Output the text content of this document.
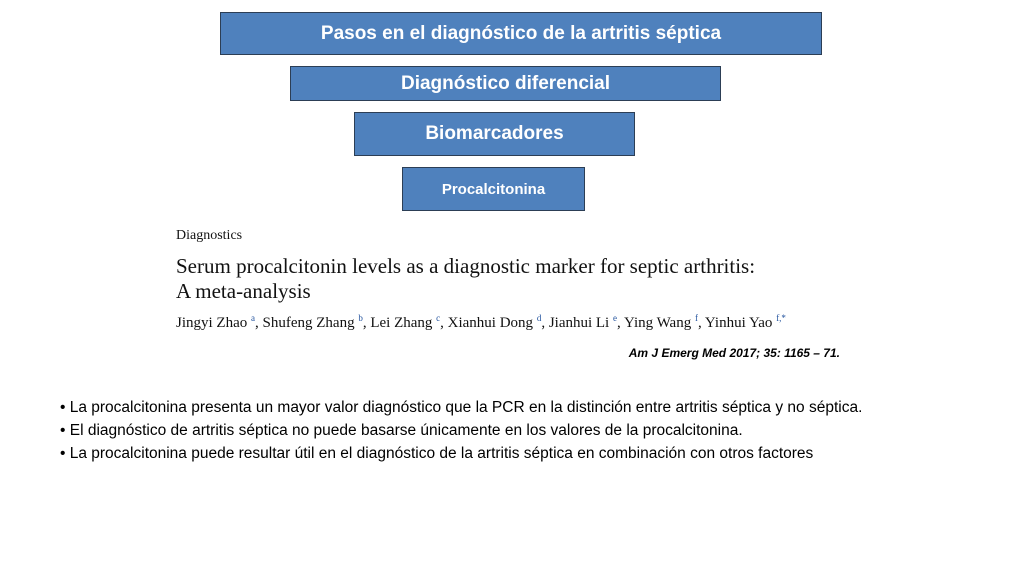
Pasos en el diagnóstico de la artritis séptica
Diagnóstico diferencial
Biomarcadores
Procalcitonina
Diagnostics
Serum procalcitonin levels as a diagnostic marker for septic arthritis:
A meta-analysis
Jingyi Zhao $^a$, Shufeng Zhang $^b$, Lei Zhang $^c$, Xianhui Dong $^d$, Jianhui Li $^e$, Ying Wang $^f$, Yinhui Yao $^{f,*}$
Am J Emerg Med 2017; 35: 1165 – 71.
• La procalcitonina presenta un mayor valor diagnóstico que la PCR en la distinción entre artritis séptica y no séptica.
• El diagnóstico de artritis séptica no puede basarse únicamente en los valores de la procalcitonina.
• La procalcitonina puede resultar útil en el diagnóstico de la artritis séptica en combinación con otros factores
